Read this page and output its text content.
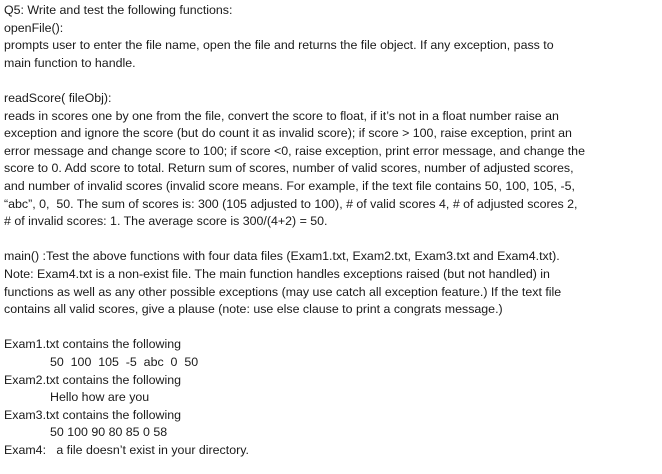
Q5: Write and test the following functions:
openFile():
prompts user to enter the file name, open the file and returns the file object. If any exception, pass to
main function to handle.
readScore( fileObj):
reads in scores one by one from the file, convert the score to float, if it’s not in a float number raise an
exception and ignore the score (but do count it as invalid score); if score > 100, raise exception, print an
error message and change score to 100; if score <0, raise exception, print error message, and change the
score to 0. Add score to total. Return sum of scores, number of valid scores, number of adjusted scores,
and number of invalid scores (invalid score means. For example, if the text file contains 50, 100, 105, -5,
“abc”, 0,  50. The sum of scores is: 300 (105 adjusted to 100), # of valid scores 4, # of adjusted scores 2,
# of invalid scores: 1. The average score is 300/(4+2) = 50.
main() :Test the above functions with four data files (Exam1.txt, Exam2.txt, Exam3.txt and Exam4.txt).
Note: Exam4.txt is a non-exist file. The main function handles exceptions raised (but not handled) in
functions as well as any other possible exceptions (may use catch all exception feature.) If the text file
contains all valid scores, give a plause (note: use else clause to print a congrats message.)
Exam1.txt contains the following
50  100  105  -5  abc  0  50
Exam2.txt contains the following
Hello how are you
Exam3.txt contains the following
50 100 90 80 85 0 58
Exam4:   a file doesn’t exist in your directory.
